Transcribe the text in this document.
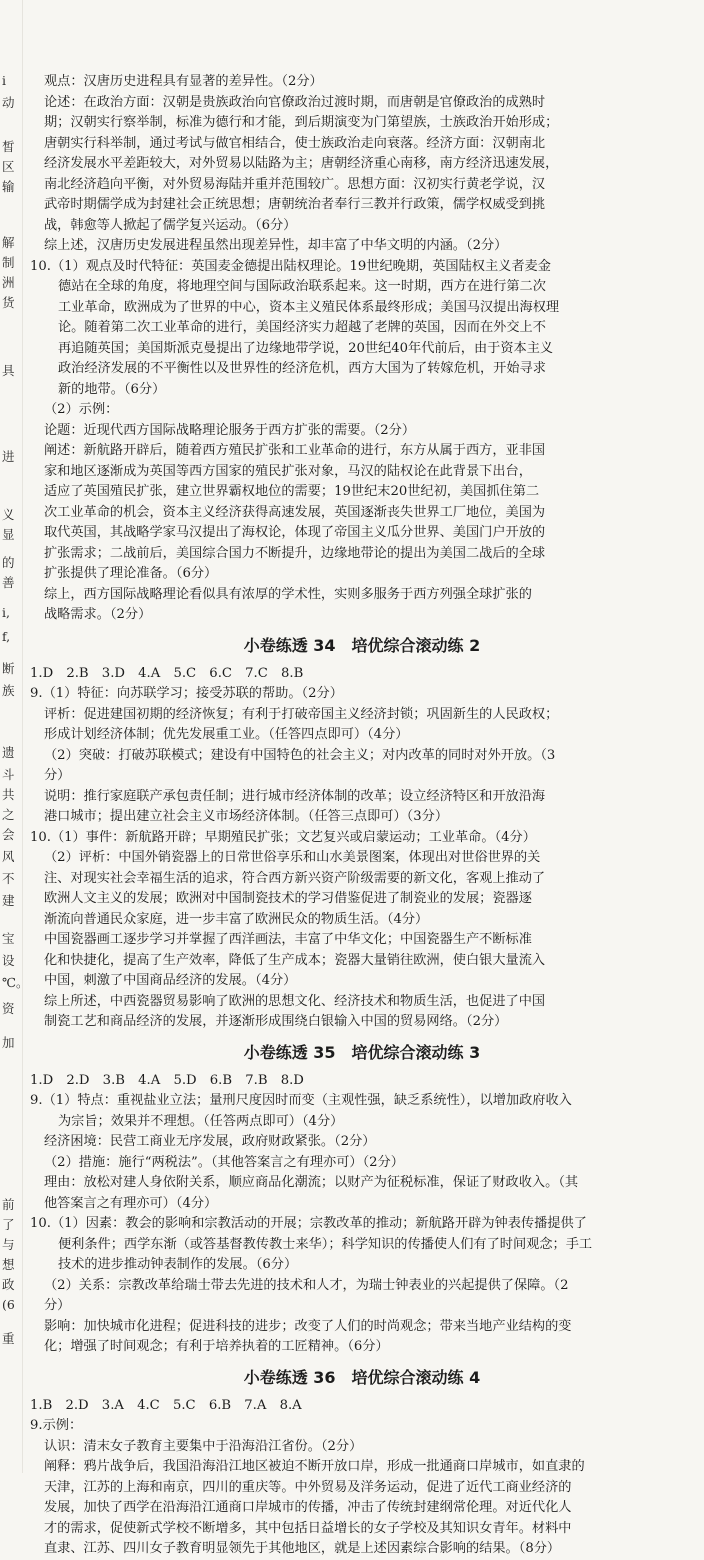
i
动
皙
区
输
解
制
洲
货
具
进
义
显
的
善
i,
f,
断
族
遗
斗
共
之
会
风
不
建
宝
设
℃。
资
加
前
了
与
想
政
(6
重
观点：汉唐历史进程具有显著的差异性。（2分）
论述：在政治方面：汉朝是贵族政治向官僚政治过渡时期，而唐朝是官僚政治的成熟时
期；汉朝实行察举制，标准为德行和才能，到后期演变为门第望族，士族政治开始形成；
唐朝实行科举制，通过考试与做官相结合，使士族政治走向衰落。经济方面：汉朝南北
经济发展水平差距较大，对外贸易以陆路为主；唐朝经济重心南移，南方经济迅速发展，
南北经济趋向平衡，对外贸易海陆并重并范围较广。思想方面：汉初实行黄老学说，汉
武帝时期儒学成为封建社会正统思想；唐朝统治者奉行三教并行政策，儒学权威受到挑
战，韩愈等人掀起了儒学复兴运动。（6分）
综上述，汉唐历史发展进程虽然出现差异性，却丰富了中华文明的内涵。（2分）
10.（1）观点及时代特征：英国麦金德提出陆权理论。19世纪晚期，英国陆权主义者麦金
德站在全球的角度，将地理空间与国际政治联系起来。这一时期，西方在进行第二次
工业革命，欧洲成为了世界的中心，资本主义殖民体系最终形成；美国马汉提出海权理
论。随着第二次工业革命的进行，美国经济实力超越了老牌的英国，因而在外交上不
再追随英国；美国斯派克曼提出了边缘地带学说，20世纪40年代前后，由于资本主义
政治经济发展的不平衡性以及世界性的经济危机，西方大国为了转嫁危机，开始寻求
新的地带。（6分）
（2）示例：
论题：近现代西方国际战略理论服务于西方扩张的需要。（2分）
阐述：新航路开辟后，随着西方殖民扩张和工业革命的进行，东方从属于西方，亚非国
家和地区逐渐成为英国等西方国家的殖民扩张对象，马汉的陆权论在此背景下出台，
适应了英国殖民扩张，建立世界霸权地位的需要；19世纪末20世纪初，美国抓住第二
次工业革命的机会，资本主义经济获得高速发展，英国逐渐丧失世界工厂地位，美国为
取代英国，其战略学家马汉提出了海权论，体现了帝国主义瓜分世界、美国门户开放的
扩张需求；二战前后，美国综合国力不断提升，边缘地带论的提出为美国二战后的全球
扩张提供了理论准备。（6分）
综上，西方国际战略理论看似具有浓厚的学术性，实则多服务于西方列强全球扩张的
战略需求。（2分）
小卷练透 34　培优综合滚动练 2
1.D　2.B　3.D　4.A　5.C　6.C　7.C　8.B
9.（1）特征：向苏联学习；接受苏联的帮助。（2分）
评析：促进建国初期的经济恢复；有利于打破帝国主义经济封锁；巩固新生的人民政权；
形成计划经济体制；优先发展重工业。（任答四点即可）（4分）
（2）突破：打破苏联模式；建设有中国特色的社会主义；对内改革的同时对外开放。（3
分）
说明：推行家庭联产承包责任制；进行城市经济体制的改革；设立经济特区和开放沿海
港口城市；提出建立社会主义市场经济体制。（任答三点即可）（3分）
10.（1）事件：新航路开辟；早期殖民扩张；文艺复兴或启蒙运动；工业革命。（4分）
（2）评析：中国外销瓷器上的日常世俗享乐和山水美景图案，体现出对世俗世界的关
注、对现实社会幸福生活的追求，符合西方新兴资产阶级需要的新文化，客观上推动了
欧洲人文主义的发展；欧洲对中国制瓷技术的学习借鉴促进了制瓷业的发展；瓷器逐
渐流向普通民众家庭，进一步丰富了欧洲民众的物质生活。（4分）
中国瓷器画工逐步学习并掌握了西洋画法，丰富了中华文化；中国瓷器生产不断标准
化和快捷化，提高了生产效率，降低了生产成本；瓷器大量销往欧洲，使白银大量流入
中国，刺激了中国商品经济的发展。（4分）
综上所述，中西瓷器贸易影响了欧洲的思想文化、经济技术和物质生活，也促进了中国
制瓷工艺和商品经济的发展，并逐渐形成围绕白银输入中国的贸易网络。（2分）
小卷练透 35　培优综合滚动练 3
1.D　2.D　3.B　4.A　5.D　6.B　7.B　8.D
9.（1）特点：重视盐业立法；量刑尺度因时而变（主观性强，缺乏系统性），以增加政府收入
为宗旨；效果并不理想。（任答两点即可）（4分）
经济困境：民营工商业无序发展，政府财政紧张。（2分）
（2）措施：施行“两税法”。（其他答案言之有理亦可）（2分）
理由：放松对建人身依附关系，顺应商品化潮流；以财产为征税标准，保证了财政收入。（其
他答案言之有理亦可）（4分）
10.（1）因素：教会的影响和宗教活动的开展；宗教改革的推动；新航路开辟为钟表传播提供了
便利条件；西学东渐（或答基督教传教士来华）；科学知识的传播使人们有了时间观念；手工
技术的进步推动钟表制作的发展。（6分）
（2）关系：宗教改革给瑞士带去先进的技术和人才，为瑞士钟表业的兴起提供了保障。（2
分）
影响：加快城市化进程；促进科技的进步；改变了人们的时尚观念；带来当地产业结构的变
化；增强了时间观念；有利于培养执着的工匠精神。（6分）
小卷练透 36　培优综合滚动练 4
1.B　2.D　3.A　4.C　5.C　6.B　7.A　8.A
9.示例：
认识：清末女子教育主要集中于沿海沿江省份。（2分）
阐释：鸦片战争后，我国沿海沿江地区被迫不断开放口岸，形成一批通商口岸城市，如直隶的
天津，江苏的上海和南京，四川的重庆等。中外贸易及洋务运动，促进了近代工商业经济的
发展，加快了西学在沿海沿江通商口岸城市的传播，冲击了传统封建纲常伦理。对近代化人
才的需求，促使新式学校不断增多，其中包括日益增长的女子学校及其知识女青年。材料中
直隶、江苏、四川女子教育明显领先于其他地区，就是上述因素综合影响的结果。（8分）
